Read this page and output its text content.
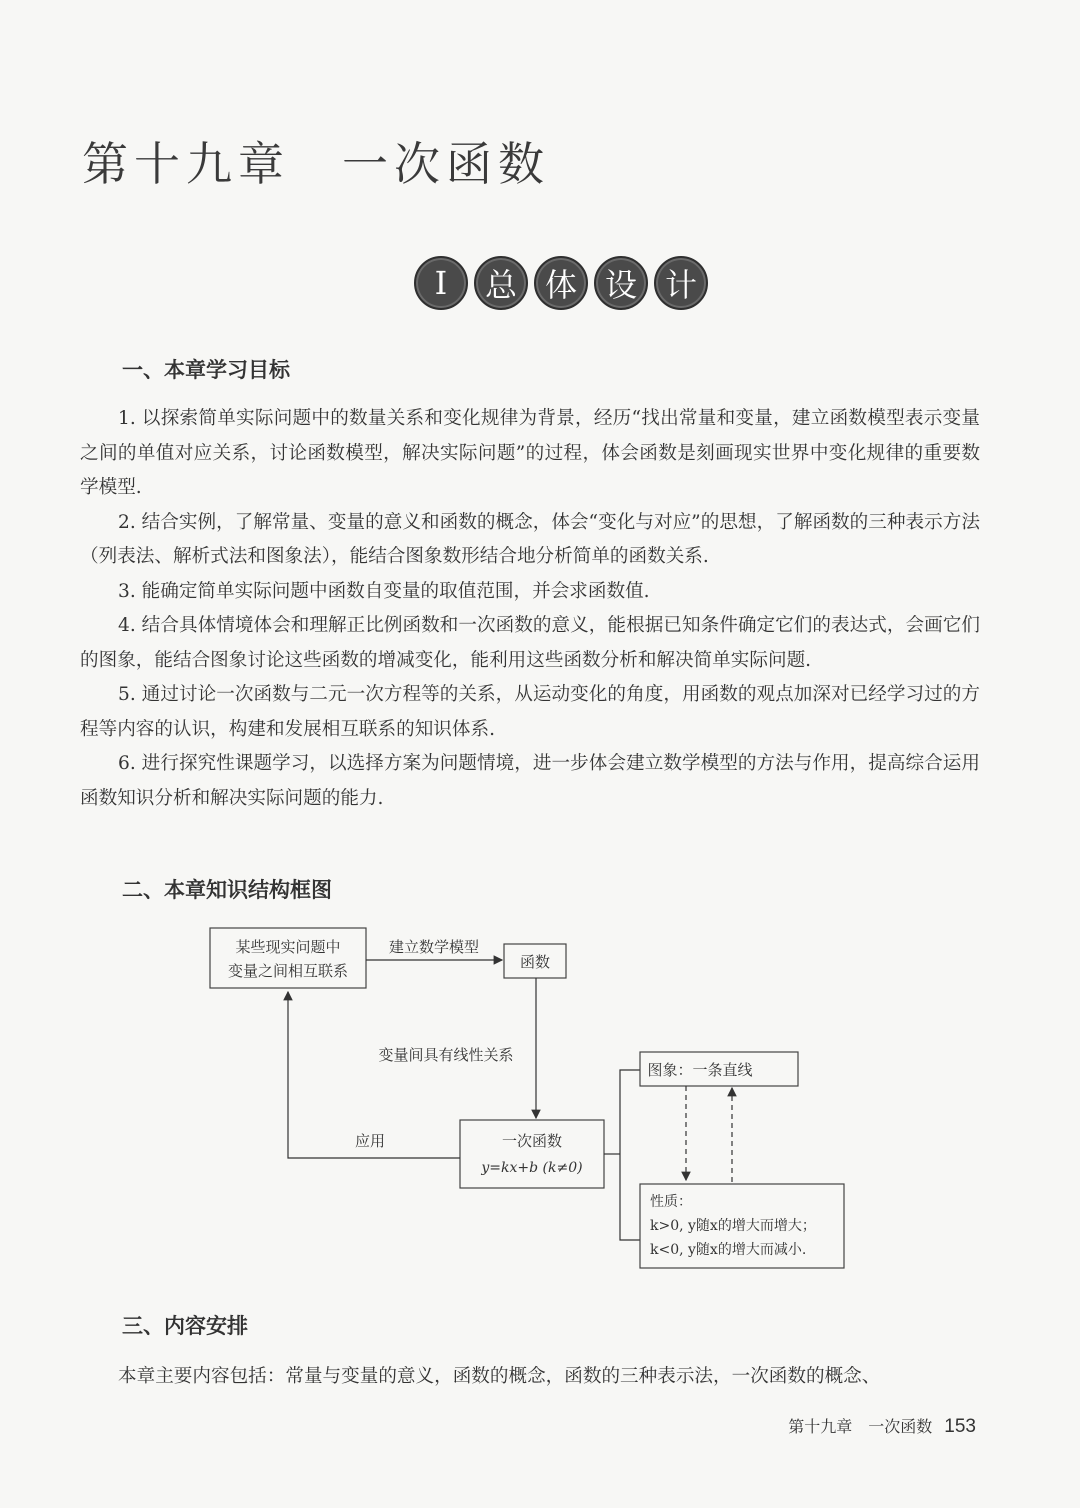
第十九章　一次函数
Ⅰ	总 体 设 计
一、本章学习目标
1. 以探索简单实际问题中的数量关系和变化规律为背景，经历“找出常量和变量，建立函数模型表示变量之间的单值对应关系，讨论函数模型，解决实际问题”的过程，体会函数是刻画现实世界中变化规律的重要数学模型.
2. 结合实例，了解常量、变量的意义和函数的概念，体会“变化与对应”的思想，了解函数的三种表示方法（列表法、解析式法和图象法），能结合图象数形结合地分析简单的函数关系.
3. 能确定简单实际问题中函数自变量的取值范围，并会求函数值.
4. 结合具体情境体会和理解正比例函数和一次函数的意义，能根据已知条件确定它们的表达式，会画它们的图象，能结合图象讨论这些函数的增减变化，能利用这些函数分析和解决简单实际问题.
5. 通过讨论一次函数与二元一次方程等的关系，从运动变化的角度，用函数的观点加深对已经学习过的方程等内容的认识，构建和发展相互联系的知识体系.
6. 进行探究性课题学习，以选择方案为问题情境，进一步体会建立数学模型的方法与作用，提高综合运用函数知识分析和解决实际问题的能力.
二、本章知识结构框图
某些现实问题中
变量之间相互联系
建立数学模型
函数
变量间具有线性关系
一次函数
y=kx+b (k≠0)
应用
图象：一条直线
性质：
k>0, y随x的增大而增大；
k<0, y随x的增大而减小.
三、内容安排
本章主要内容包括：常量与变量的意义，函数的概念，函数的三种表示法，一次函数的概念、
第十九章　一次函数 153
